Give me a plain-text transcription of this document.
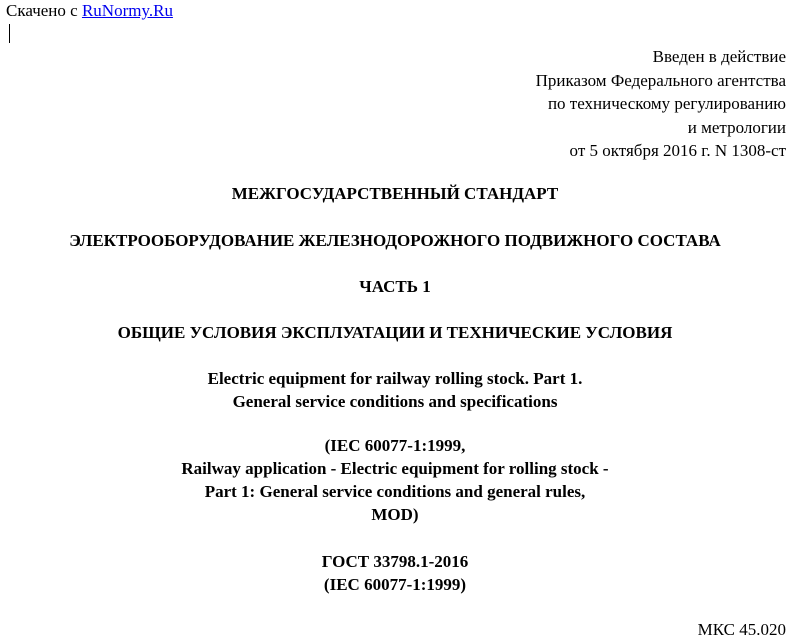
Скачено с RuNormy.Ru
Введен в действие
Приказом Федерального агентства
по техническому регулированию
и метрологии
от 5 октября 2016 г. N 1308-ст
МЕЖГОСУДАРСТВЕННЫЙ СТАНДАРТ
ЭЛЕКТРООБОРУДОВАНИЕ ЖЕЛЕЗНОДОРОЖНОГО ПОДВИЖНОГО СОСТАВА
ЧАСТЬ 1
ОБЩИЕ УСЛОВИЯ ЭКСПЛУАТАЦИИ И ТЕХНИЧЕСКИЕ УСЛОВИЯ
Electric equipment for railway rolling stock. Part 1.
General service conditions and specifications
(IEC 60077-1:1999,
Railway application - Electric equipment for rolling stock -
Part 1: General service conditions and general rules,
MOD)
ГОСТ 33798.1-2016
(IEC 60077-1:1999)
МКС 45.020
